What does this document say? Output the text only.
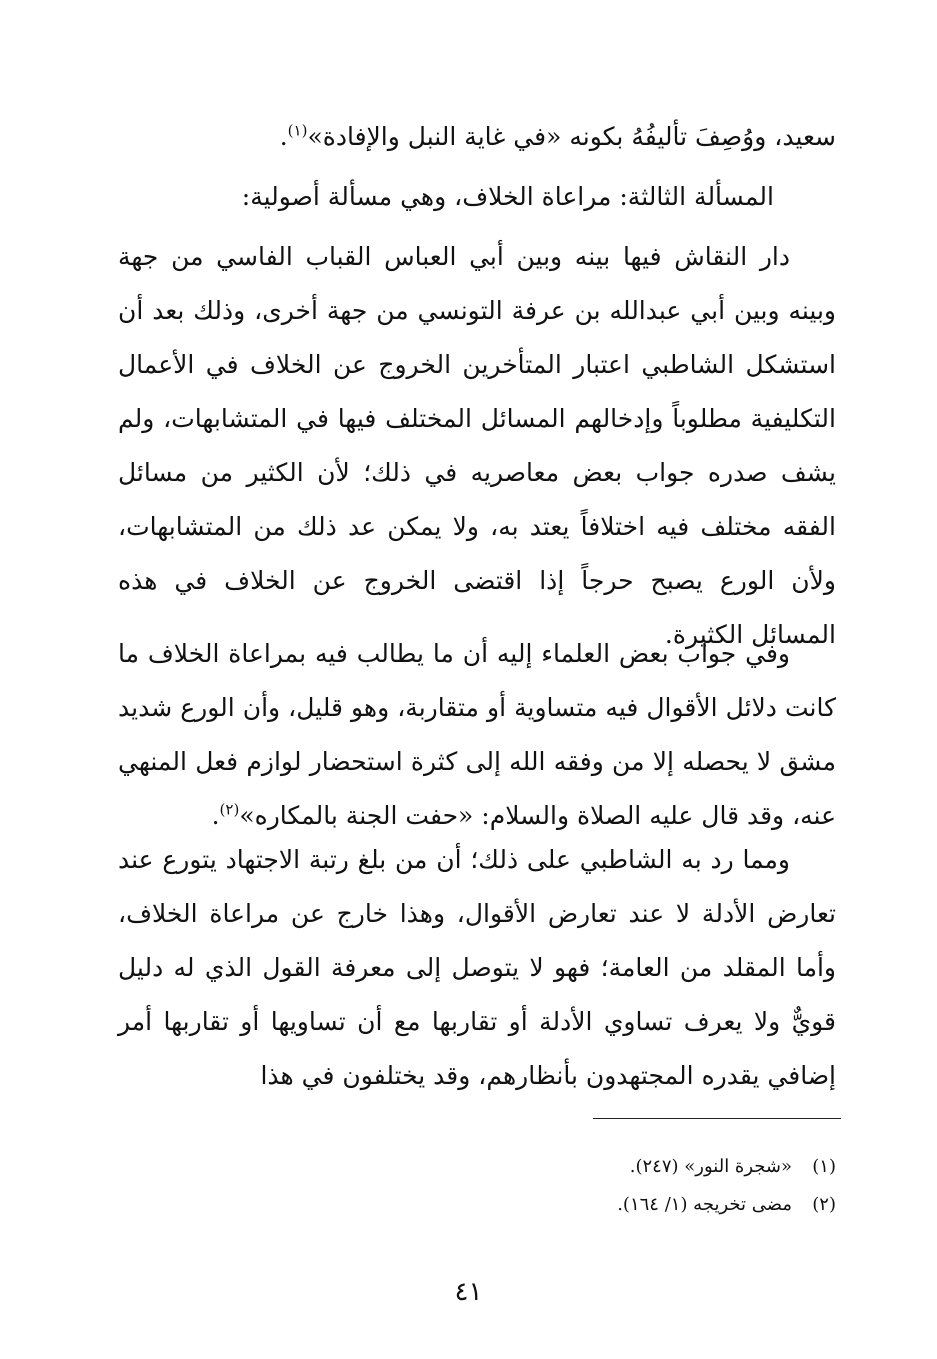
سعيد، ووُصِفَ تأليفُهُ بكونه «في غاية النبل والإفادة»$^{(١)}$.
المسألة الثالثة: مراعاة الخلاف، وهي مسألة أصولية:

دار النقاش فيها بينه وبين أبي العباس القباب الفاسي من جهة وبينه وبين أبي عبدالله بن عرفة التونسي من جهة أخرى، وذلك بعد أن استشكل الشاطبي اعتبار المتأخرين الخروج عن الخلاف في الأعمال التكليفية مطلوباً وإدخالهم المسائل المختلف فيها في المتشابهات، ولم يشف صدره جواب بعض معاصريه في ذلك؛ لأن الكثير من مسائل الفقه مختلف فيه اختلافاً يعتد به، ولا يمكن عد ذلك من المتشابهات، ولأن الورع يصبح حرجاً إذا اقتضى الخروج عن الخلاف في هذه المسائل الكثيرة.

وفي جواب بعض العلماء إليه أن ما يطالب فيه بمراعاة الخلاف ما كانت دلائل الأقوال فيه متساوية أو متقاربة، وهو قليل، وأن الورع شديد مشق لا يحصله إلا من وفقه الله إلى كثرة استحضار لوازم فعل المنهي عنه، وقد قال عليه الصلاة والسلام: «حفت الجنة بالمكاره»$^{(٢)}$.

ومما رد به الشاطبي على ذلك؛ أن من بلغ رتبة الاجتهاد يتورع عند تعارض الأدلة لا عند تعارض الأقوال، وهذا خارج عن مراعاة الخلاف، وأما المقلد من العامة؛ فهو لا يتوصل إلى معرفة القول الذي له دليل قويٌّ ولا يعرف تساوي الأدلة أو تقاربها مع أن تساويها أو تقاربها أمر إضافي يقدره المجتهدون بأنظارهم، وقد يختلفون في هذا

(١)«شجرة النور» (٢٤٧).
(٢)مضى تخريجه (١/ ١٦٤).
٤١
